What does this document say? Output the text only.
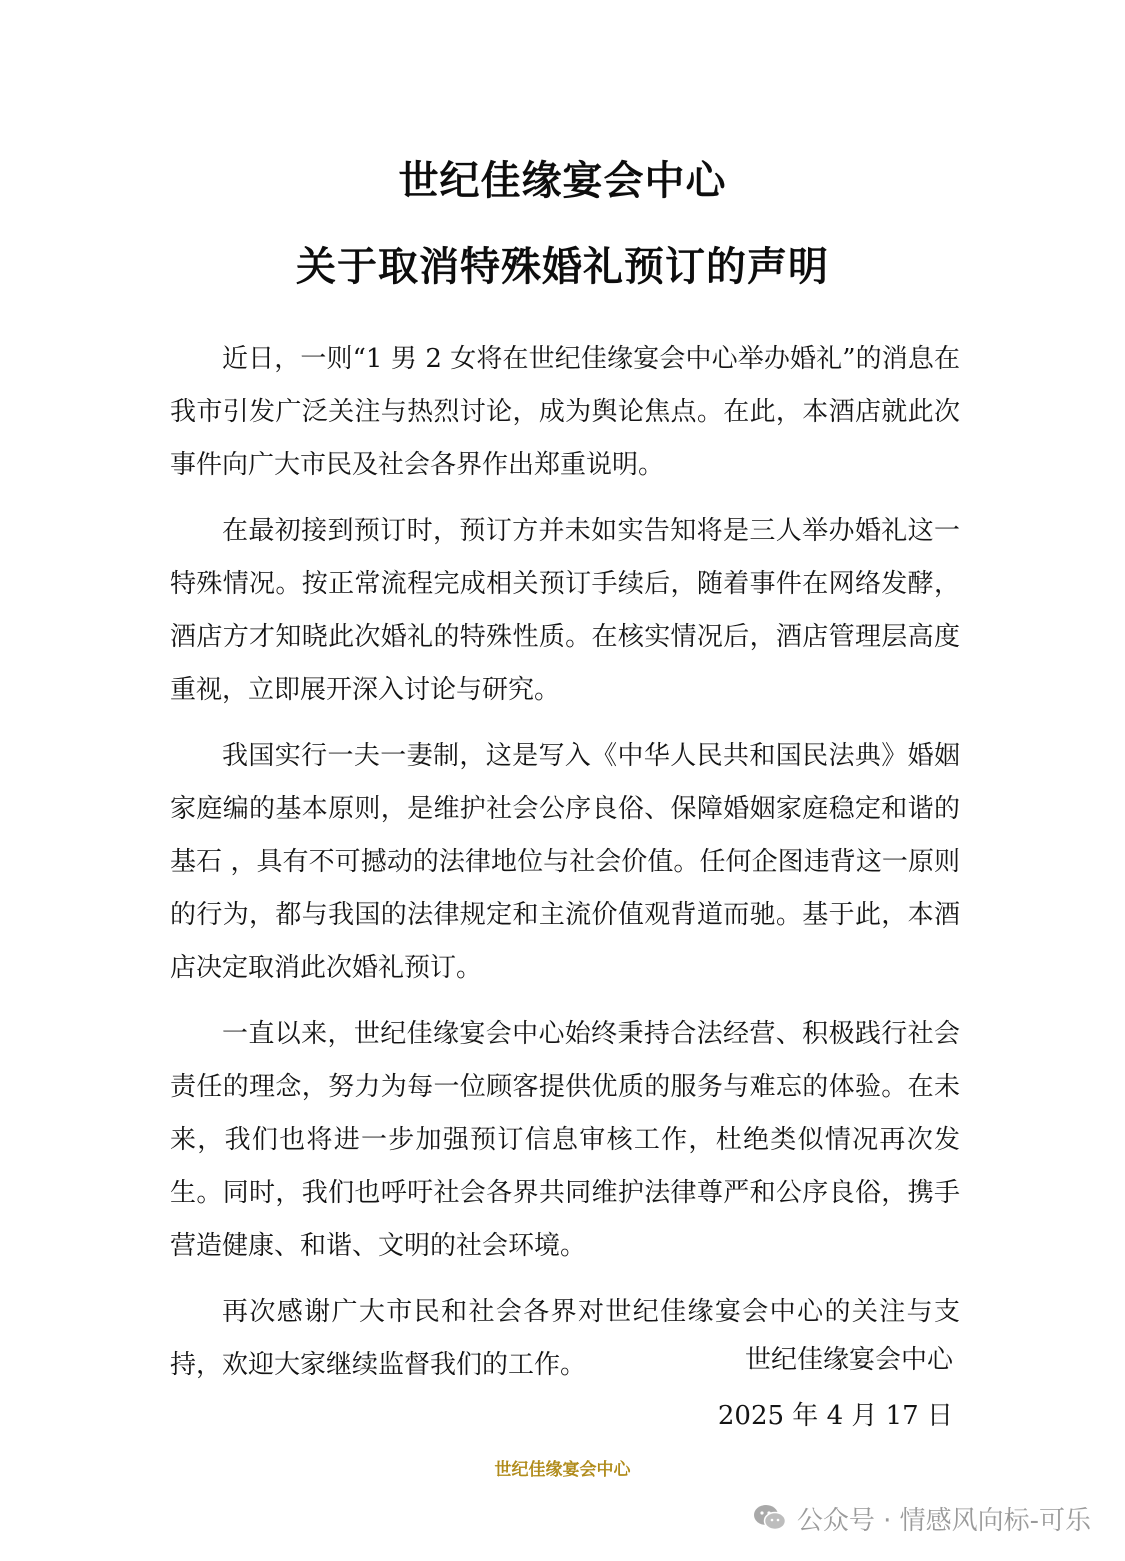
世纪佳缘宴会中心
关于取消特殊婚礼预订的声明

近日，一则“1 男 2 女将在世纪佳缘宴会中心举办婚礼”的消息在我市引发广泛关注与热烈讨论，成为舆论焦点。在此，本酒店就此次事件向广大市民及社会各界作出郑重说明。

在最初接到预订时，预订方并未如实告知将是三人举办婚礼这一特殊情况。按正常流程完成相关预订手续后，随着事件在网络发酵，酒店方才知晓此次婚礼的特殊性质。在核实情况后，酒店管理层高度重视，立即展开深入讨论与研究。

我国实行一夫一妻制，这是写入《中华人民共和国民法典》婚姻家庭编的基本原则，是维护社会公序良俗、保障婚姻家庭稳定和谐的基石 ，具有不可撼动的法律地位与社会价值。任何企图违背这一原则的行为，都与我国的法律规定和主流价值观背道而驰。基于此，本酒店决定取消此次婚礼预订。

一直以来，世纪佳缘宴会中心始终秉持合法经营、积极践行社会责任的理念，努力为每一位顾客提供优质的服务与难忘的体验。在未来，我们也将进一步加强预订信息审核工作，杜绝类似情况再次发生。同时，我们也呼吁社会各界共同维护法律尊严和公序良俗，携手营造健康、和谐、文明的社会环境。

再次感谢广大市民和社会各界对世纪佳缘宴会中心的关注与支持，欢迎大家继续监督我们的工作。	世纪佳缘宴会中心
2025 年 4 月 17 日
世纪佳缘宴会中心
公众号 · 情感风向标-可乐
